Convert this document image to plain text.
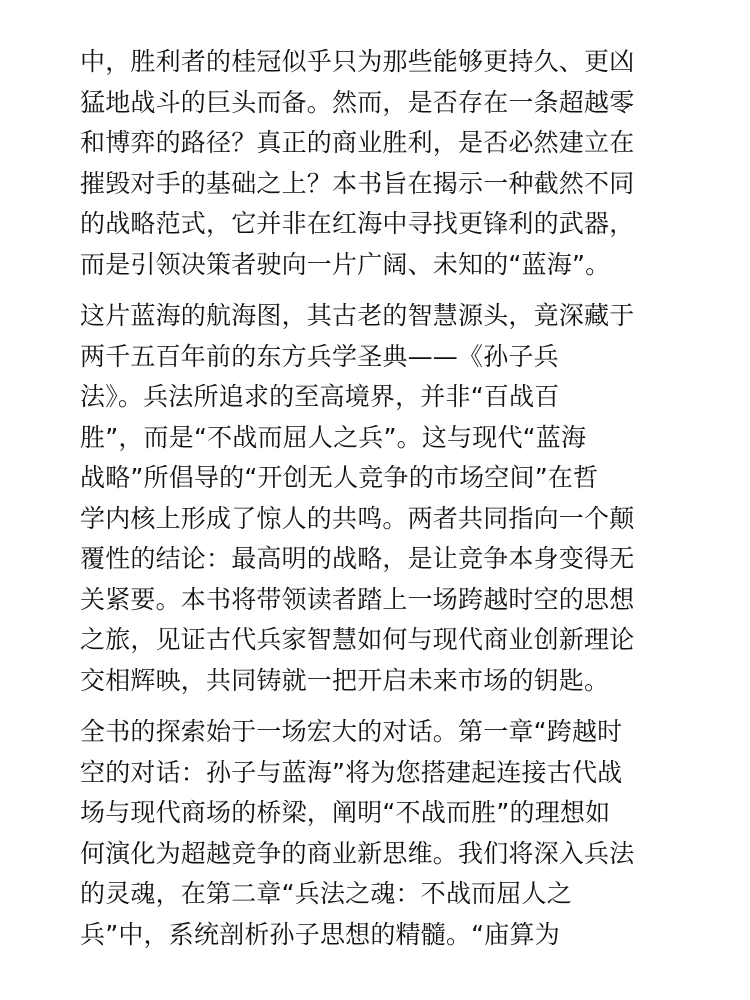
中，胜利者的桂冠似乎只为那些能够更持久、更凶
猛地战斗的巨头而备。然而，是否存在一条超越零
和博弈的路径？真正的商业胜利，是否必然建立在
摧毁对手的基础之上？本书旨在揭示一种截然不同
的战略范式，它并非在红海中寻找更锋利的武器，
而是引领决策者驶向一片广阔、未知的“蓝海”。

这片蓝海的航海图，其古老的智慧源头，竟深藏于
两千五百年前的东方兵学圣典——《孙子兵
法》。兵法所追求的至高境界，并非“百战百
胜”，而是“不战而屈人之兵”。这与现代“蓝海
战略”所倡导的“开创无人竞争的市场空间”在哲
学内核上形成了惊人的共鸣。两者共同指向一个颠
覆性的结论：最高明的战略，是让竞争本身变得无
关紧要。本书将带领读者踏上一场跨越时空的思想
之旅，见证古代兵家智慧如何与现代商业创新理论
交相辉映，共同铸就一把开启未来市场的钥匙。

全书的探索始于一场宏大的对话。第一章“跨越时
空的对话：孙子与蓝海”将为您搭建起连接古代战
场与现代商场的桥梁，阐明“不战而胜”的理想如
何演化为超越竞争的商业新思维。我们将深入兵法
的灵魂，在第二章“兵法之魂：不战而屈人之
兵”中，系统剖析孙子思想的精髓。“庙算为
